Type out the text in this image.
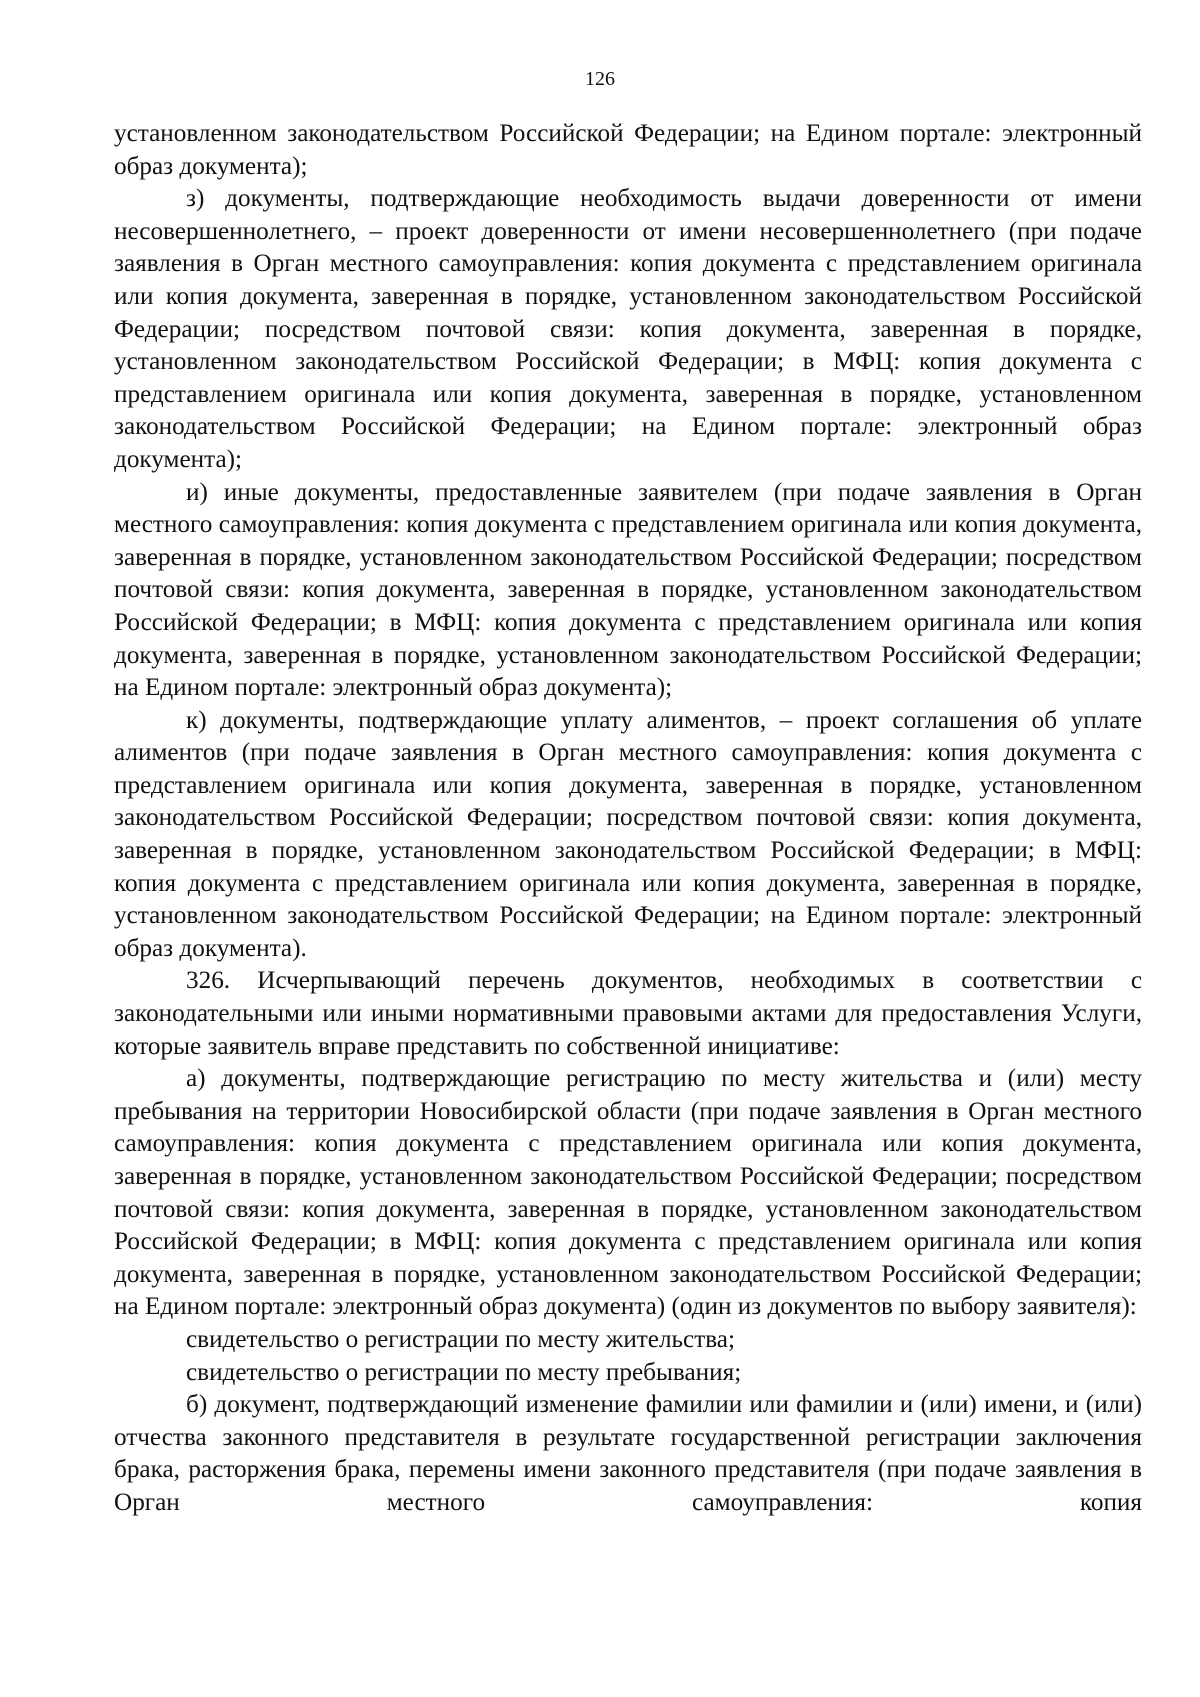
126

установленном законодательством Российской Федерации; на Едином портале: электронный образ документа);

з) документы, подтверждающие необходимость выдачи доверенности от имени несовершеннолетнего, – проект доверенности от имени несовершеннолетнего (при подаче заявления в Орган местного самоуправления: копия документа с представлением оригинала или копия документа, заверенная в порядке, установленном законодательством Российской Федерации; посредством почтовой связи: копия документа, заверенная в порядке, установленном законодательством Российской Федерации; в МФЦ: копия документа с представлением оригинала или копия документа, заверенная в порядке, установленном законодательством Российской Федерации; на Едином портале: электронный образ документа);

и) иные документы, предоставленные заявителем (при подаче заявления в Орган местного самоуправления: копия документа с представлением оригинала или копия документа, заверенная в порядке, установленном законодательством Российской Федерации; посредством почтовой связи: копия документа, заверенная в порядке, установленном законодательством Российской Федерации; в МФЦ: копия документа с представлением оригинала или копия документа, заверенная в порядке, установленном законодательством Российской Федерации; на Едином портале: электронный образ документа);

к) документы, подтверждающие уплату алиментов, – проект соглашения об уплате алиментов (при подаче заявления в Орган местного самоуправления: копия документа с представлением оригинала или копия документа, заверенная в порядке, установленном законодательством Российской Федерации; посредством почтовой связи: копия документа, заверенная в порядке, установленном законодательством Российской Федерации; в МФЦ: копия документа с представлением оригинала или копия документа, заверенная в порядке, установленном законодательством Российской Федерации; на Едином портале: электронный образ документа).

326. Исчерпывающий перечень документов, необходимых в соответствии с законодательными или иными нормативными правовыми актами для предоставления Услуги, которые заявитель вправе представить по собственной инициативе:

а) документы, подтверждающие регистрацию по месту жительства и (или) месту пребывания на территории Новосибирской области (при подаче заявления в Орган местного самоуправления: копия документа с представлением оригинала или копия документа, заверенная в порядке, установленном законодательством Российской Федерации; посредством почтовой связи: копия документа, заверенная в порядке, установленном законодательством Российской Федерации; в МФЦ: копия документа с представлением оригинала или копия документа, заверенная в порядке, установленном законодательством Российской Федерации; на Едином портале: электронный образ документа) (один из документов по выбору заявителя):

свидетельство о регистрации по месту жительства;

свидетельство о регистрации по месту пребывания;

б) документ, подтверждающий изменение фамилии или фамилии и (или) имени, и (или) отчества законного представителя в результате государственной регистрации заключения брака, расторжения брака, перемены имени законного представителя (при подаче заявления в Орган местного самоуправления: копия
